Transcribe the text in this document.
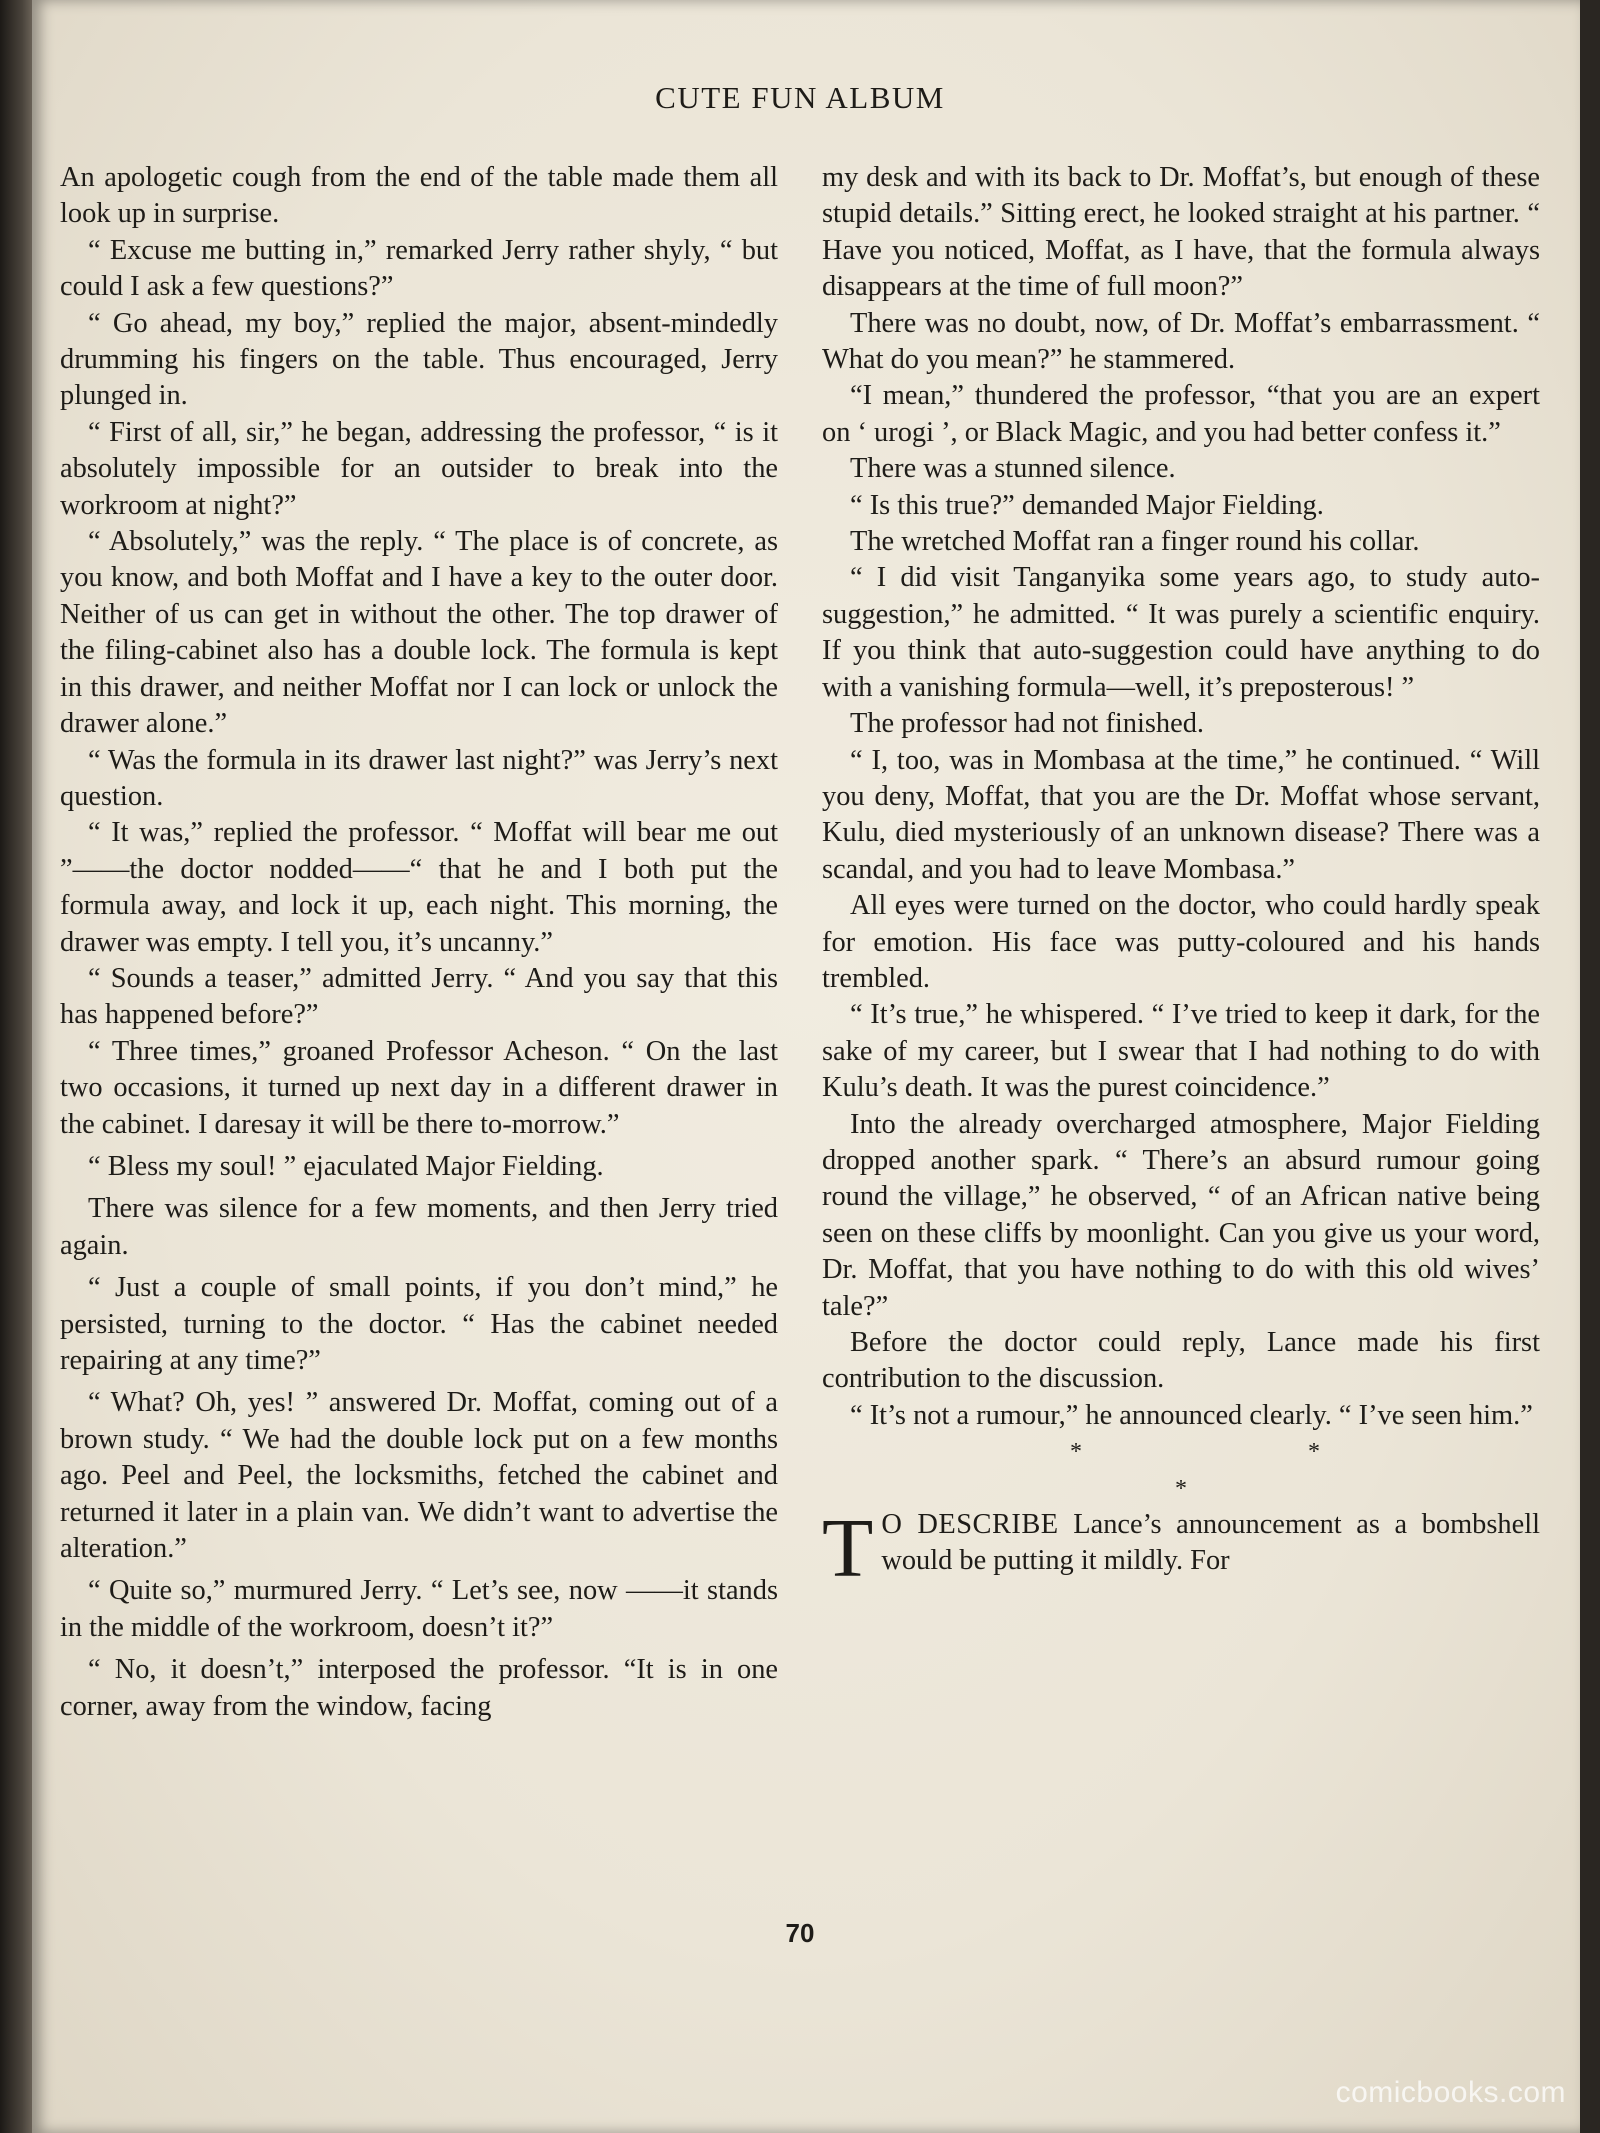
CUTE FUN ALBUM

An apologetic cough from the end of the table made them all look up in surprise.

“ Excuse me butting in,” remarked Jerry rather shyly, “ but could I ask a few questions?”

“ Go ahead, my boy,” replied the major, absent-mindedly drumming his fingers on the table. Thus encouraged, Jerry plunged in.

“ First of all, sir,” he began, addressing the professor, “ is it absolutely impossible for an outsider to break into the workroom at night?”

“ Absolutely,” was the reply. “ The place is of concrete, as you know, and both Moffat and I have a key to the outer door. Neither of us can get in without the other. The top drawer of the filing-cabinet also has a double lock. The formula is kept in this drawer, and neither Moffat nor I can lock or unlock the drawer alone.”

“ Was the formula in its drawer last night?” was Jerry’s next question.

“ It was,” replied the professor. “ Moffat will bear me out ”——the doctor nodded——“ that he and I both put the formula away, and lock it up, each night. This morning, the drawer was empty. I tell you, it’s uncanny.”

“ Sounds a teaser,” admitted Jerry. “ And you say that this has happened before?”

“ Three times,” groaned Professor Acheson. “ On the last two occasions, it turned up next day in a different drawer in the cabinet. I daresay it will be there to-morrow.”

“ Bless my soul! ” ejaculated Major Fielding.

There was silence for a few moments, and then Jerry tried again.

“ Just a couple of small points, if you don’t mind,” he persisted, turning to the doctor. “ Has the cabinet needed repairing at any time?”

“ What? Oh, yes! ” answered Dr. Moffat, coming out of a brown study. “ We had the double lock put on a few months ago. Peel and Peel, the locksmiths, fetched the cabinet and returned it later in a plain van. We didn’t want to advertise the alteration.”

“ Quite so,” murmured Jerry. “ Let’s see, now ——it stands in the middle of the workroom, doesn’t it?”

“ No, it doesn’t,” interposed the professor. “It is in one corner, away from the window, facing

my desk and with its back to Dr. Moffat’s, but enough of these stupid details.” Sitting erect, he looked straight at his partner. “ Have you noticed, Moffat, as I have, that the formula always disappears at the time of full moon?”

There was no doubt, now, of Dr. Moffat’s embarrassment. “ What do you mean?” he stammered.

“I mean,” thundered the professor, “that you are an expert on ‘ urogi ’, or Black Magic, and you had better confess it.”

There was a stunned silence.

“ Is this true?” demanded Major Fielding.

The wretched Moffat ran a finger round his collar.

“ I did visit Tanganyika some years ago, to study auto-suggestion,” he admitted. “ It was purely a scientific enquiry. If you think that auto-suggestion could have anything to do with a vanishing formula—well, it’s preposterous! ”

The professor had not finished.

“ I, too, was in Mombasa at the time,” he continued. “ Will you deny, Moffat, that you are the Dr. Moffat whose servant, Kulu, died mysteriously of an unknown disease? There was a scandal, and you had to leave Mombasa.”

All eyes were turned on the doctor, who could hardly speak for emotion. His face was putty-coloured and his hands trembled.

“ It’s true,” he whispered. “ I’ve tried to keep it dark, for the sake of my career, but I swear that I had nothing to do with Kulu’s death. It was the purest coincidence.”

Into the already overcharged atmosphere, Major Fielding dropped another spark. “ There’s an absurd rumour going round the village,” he observed, “ of an African native being seen on these cliffs by moonlight. Can you give us your word, Dr. Moffat, that you have nothing to do with this old wives’ tale?”

Before the doctor could reply, Lance made his first contribution to the discussion.

“ It’s not a rumour,” he announced clearly. “ I’ve seen him.”

* * *

T O DESCRIBE Lance’s announcement as a bombshell would be putting it mildly. For

70
comicbooks.com
